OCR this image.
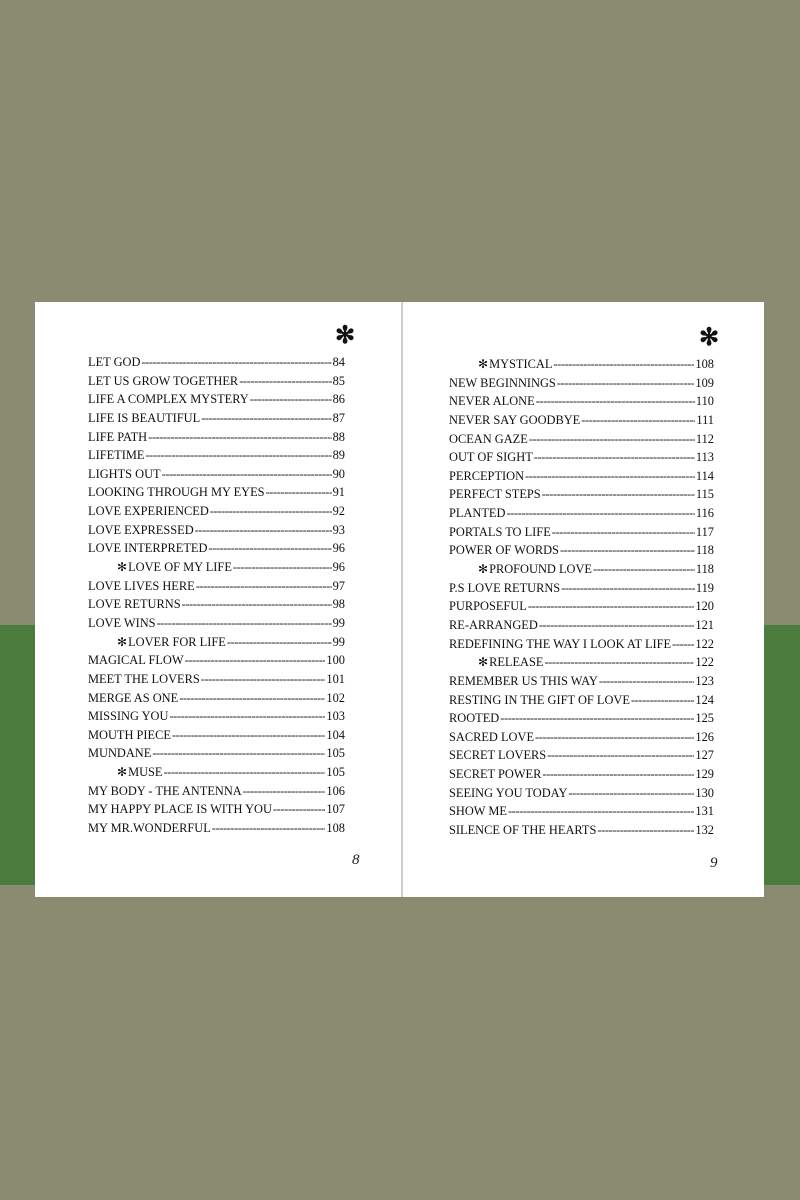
✻
LET GOD -----	84
LET US GROW TOGETHER -----	85
LIFE A COMPLEX MYSTERY -----	86
LIFE IS BEAUTIFUL -----	87
LIFE PATH -----	88
LIFETIME -----	89
LIGHTS OUT -----	90
LOOKING THROUGH MY EYES -----	91
LOVE EXPERIENCED -----	92
LOVE EXPRESSED -----	93
LOVE INTERPRETED -----	96
✻ LOVE OF MY LIFE -----	96
LOVE LIVES HERE -----	97
LOVE RETURNS -----	98
LOVE WINS -----	99
✻ LOVER FOR LIFE -----	99
MAGICAL FLOW -----	100
MEET THE LOVERS -----	101
MERGE AS ONE -----	102
MISSING YOU -----	103
MOUTH PIECE -----	104
MUNDANE -----	105
✻ MUSE -----	105
MY BODY - THE ANTENNA -----	106
MY HAPPY PLACE IS WITH YOU -----	107
MY MR.WONDERFUL -----	108
8
✻
✻ MYSTICAL -----	108
NEW BEGINNINGS -----	109
NEVER ALONE -----	110
NEVER SAY GOODBYE -----	111
OCEAN GAZE -----	112
OUT OF SIGHT -----	113
PERCEPTION -----	114
PERFECT STEPS -----	115
PLANTED -----	116
PORTALS TO LIFE -----	117
POWER OF WORDS -----	118
✻ PROFOUND LOVE -----	118
P.S LOVE RETURNS -----	119
PURPOSEFUL -----	120
RE-ARRANGED -----	121
REDEFINING THE WAY I LOOK AT LIFE ----- 122
✻ RELEASE -----	122
REMEMBER US THIS WAY -----	123
RESTING IN THE GIFT OF LOVE -----	124
ROOTED -----	125
SACRED LOVE -----	126
SECRET LOVERS -----	127
SECRET POWER -----	129
SEEING YOU TODAY -----	130
SHOW ME -----	131
SILENCE OF THE HEARTS -----	132
9
